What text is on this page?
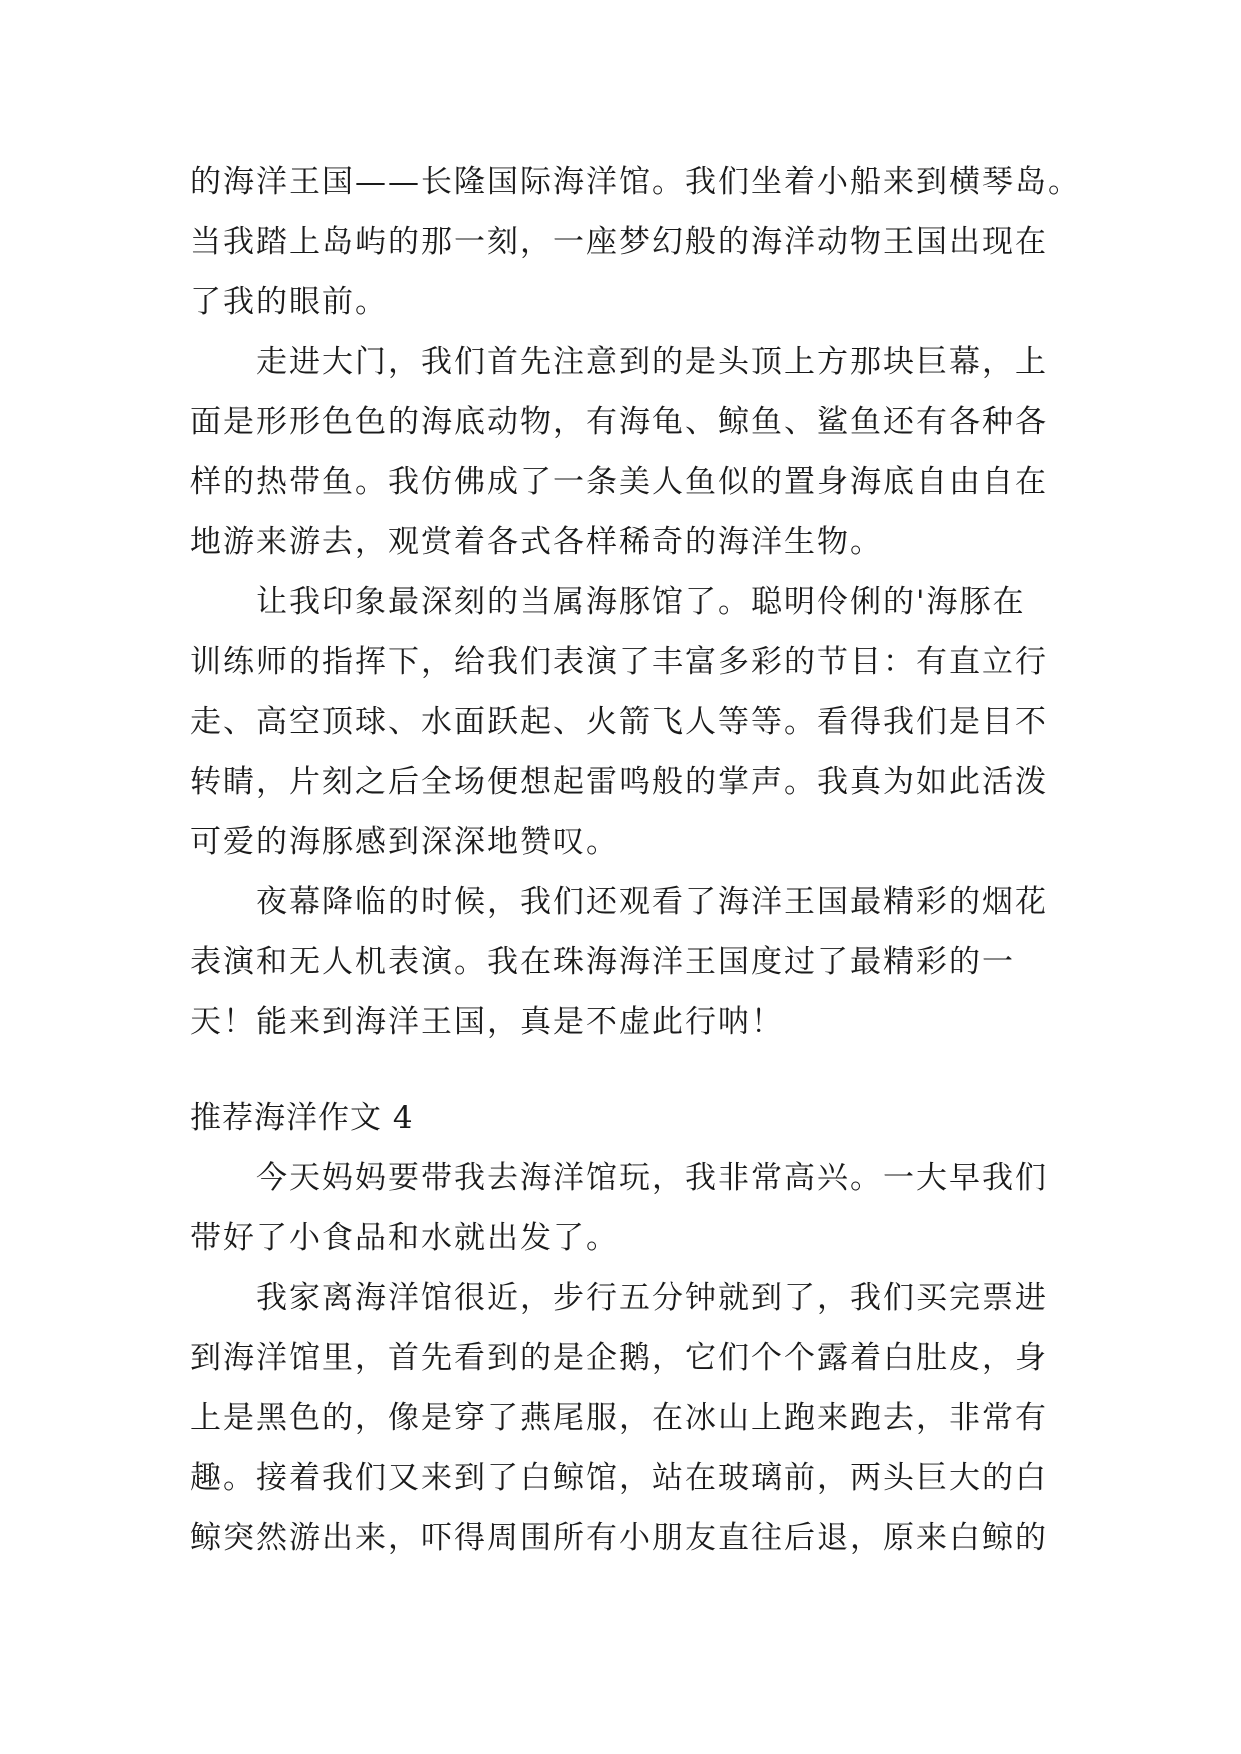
的海洋王国——长隆国际海洋馆。我们坐着小船来到横琴岛。
当我踏上岛屿的那一刻，一座梦幻般的海洋动物王国出现在
了我的眼前。
走进大门，我们首先注意到的是头顶上方那块巨幕，上
面是形形色色的海底动物，有海龟、鲸鱼、鲨鱼还有各种各
样的热带鱼。我仿佛成了一条美人鱼似的置身海底自由自在
地游来游去，观赏着各式各样稀奇的海洋生物。
让我印象最深刻的当属海豚馆了。聪明伶俐的'海豚在
训练师的指挥下，给我们表演了丰富多彩的节目：有直立行
走、高空顶球、水面跃起、火箭飞人等等。看得我们是目不
转睛，片刻之后全场便想起雷鸣般的掌声。我真为如此活泼
可爱的海豚感到深深地赞叹。
夜幕降临的时候，我们还观看了海洋王国最精彩的烟花
表演和无人机表演。我在珠海海洋王国度过了最精彩的一
天！能来到海洋王国，真是不虚此行呐！
推荐海洋作文 4
今天妈妈要带我去海洋馆玩，我非常高兴。一大早我们
带好了小食品和水就出发了。
我家离海洋馆很近，步行五分钟就到了，我们买完票进
到海洋馆里，首先看到的是企鹅，它们个个露着白肚皮，身
上是黑色的，像是穿了燕尾服，在冰山上跑来跑去，非常有
趣。接着我们又来到了白鲸馆，站在玻璃前，两头巨大的白
鲸突然游出来，吓得周围所有小朋友直往后退，原来白鲸的
